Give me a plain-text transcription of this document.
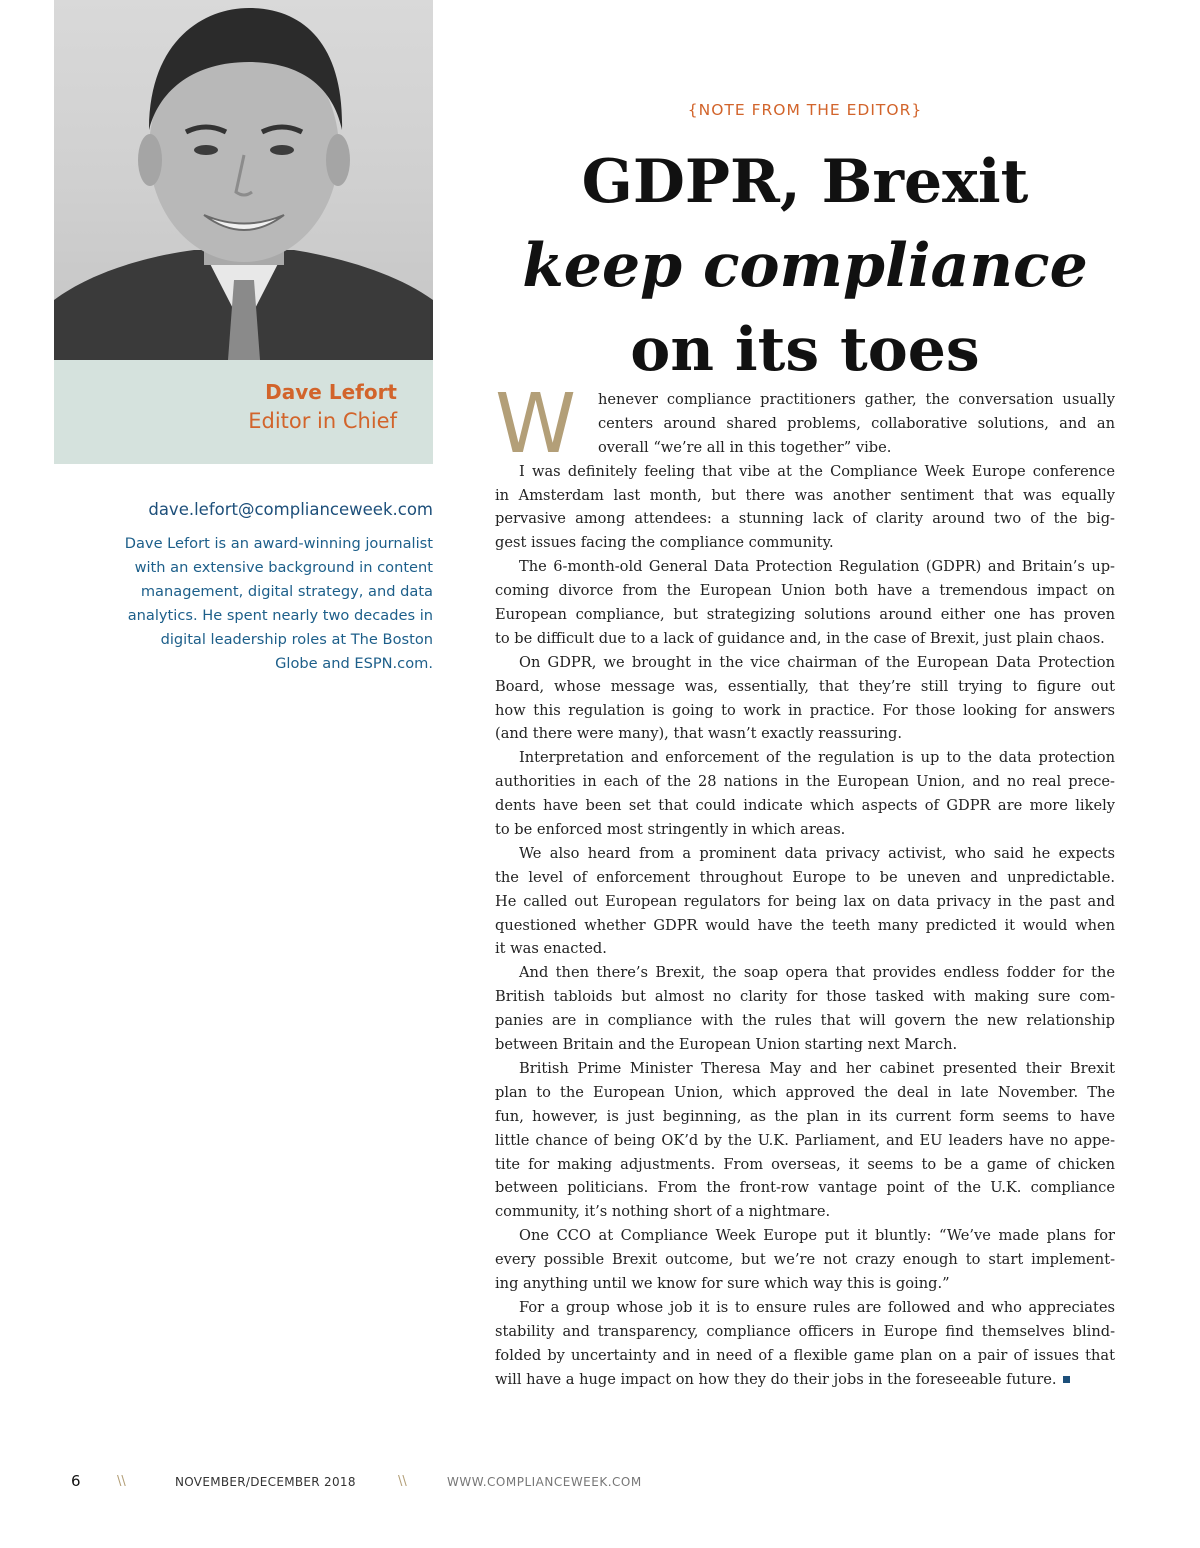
Dave Lefort
Editor in Chief
dave.lefort@complianceweek.com

Dave Lefort is an award-winning journalist

with an extensive background in content

management, digital strategy, and data

analytics. He spent nearly two decades in

digital leadership roles at The Boston

Globe and ESPN.com.

{NOTE FROM THE EDITOR}
GDPR, Brexit
keep compliance
on its toes
W henever compliance practitioners gather, the conversation usually
centers around shared problems, collaborative solutions, and an
overall “we’re all in this together” vibe.
I was definitely feeling that vibe at the Compliance Week Europe conference
in Amsterdam last month, but there was another sentiment that was equally
pervasive among attendees: a stunning lack of clarity around two of the big-
gest issues facing the compliance community.
The 6-month-old General Data Protection Regulation (GDPR) and Britain’s up-
coming divorce from the European Union both have a tremendous impact on
European compliance, but strategizing solutions around either one has proven
to be difficult due to a lack of guidance and, in the case of Brexit, just plain chaos.
On GDPR, we brought in the vice chairman of the European Data Protection
Board, whose message was, essentially, that they’re still trying to figure out
how this regulation is going to work in practice. For those looking for answers
(and there were many), that wasn’t exactly reassuring.
Interpretation and enforcement of the regulation is up to the data protection
authorities in each of the 28 nations in the European Union, and no real prece-
dents have been set that could indicate which aspects of GDPR are more likely
to be enforced most stringently in which areas.
We also heard from a prominent data privacy activist, who said he expects
the level of enforcement throughout Europe to be uneven and unpredictable.
He called out European regulators for being lax on data privacy in the past and
questioned whether GDPR would have the teeth many predicted it would when
it was enacted.
And then there’s Brexit, the soap opera that provides endless fodder for the
British tabloids but almost no clarity for those tasked with making sure com-
panies are in compliance with the rules that will govern the new relationship
between Britain and the European Union starting next March.
British Prime Minister Theresa May and her cabinet presented their Brexit
plan to the European Union, which approved the deal in late November. The
fun, however, is just beginning, as the plan in its current form seems to have
little chance of being OK’d by the U.K. Parliament, and EU leaders have no appe-
tite for making adjustments. From overseas, it seems to be a game of chicken
between politicians. From the front-row vantage point of the U.K. compliance
community, it’s nothing short of a nightmare.
One CCO at Compliance Week Europe put it bluntly: “We’ve made plans for
every possible Brexit outcome, but we’re not crazy enough to start implement-
ing anything until we know for sure which way this is going.”
For a group whose job it is to ensure rules are followed and who appreciates
stability and transparency, compliance officers in Europe find themselves blind-
folded by uncertainty and in need of a flexible game plan on a pair of issues that
will have a huge impact on how they do their jobs in the foreseeable future.
6	\\	NOVEMBER/DECEMBER 2018	\\	WWW.COMPLIANCEWEEK.COM
